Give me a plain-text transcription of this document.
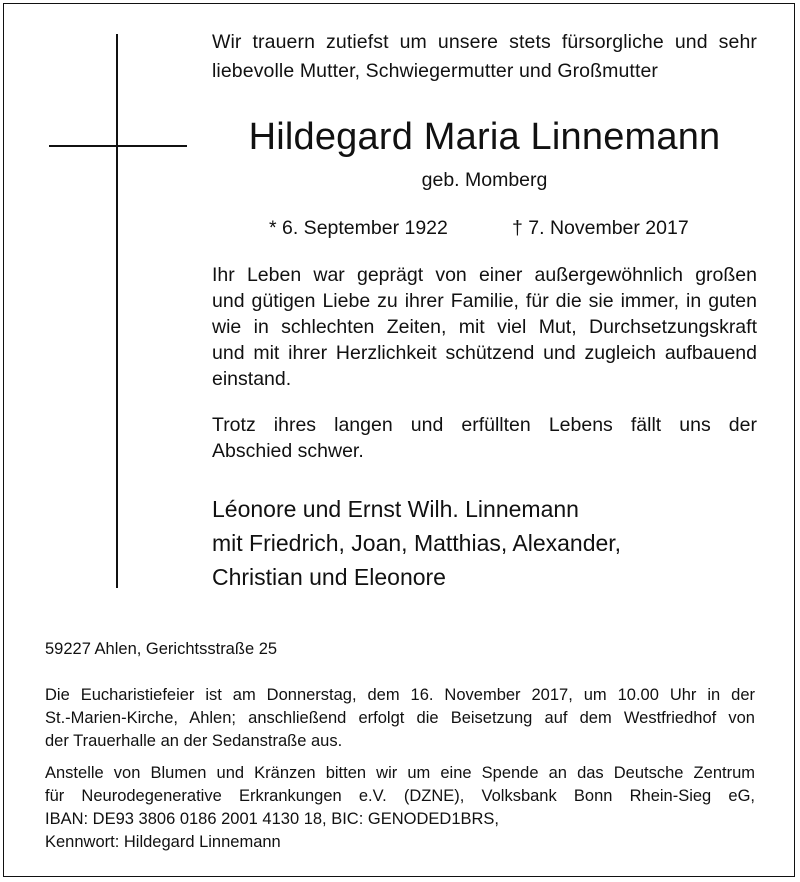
Wir trauern zutiefst um unsere stets fürsorgliche und sehr
liebevolle Mutter, Schwiegermutter und Großmutter
Hildegard Maria Linnemann
geb. Momberg
* 6. September 1922	† 7. November 2017
Ihr Leben war geprägt von einer außergewöhnlich großen
und gütigen Liebe zu ihrer Familie, für die sie immer, in guten
wie in schlechten Zeiten, mit viel Mut, Durchsetzungskraft
und mit ihrer Herzlichkeit schützend und zugleich aufbauend
einstand.
Trotz ihres langen und erfüllten Lebens fällt uns der
Abschied schwer.
Léonore und Ernst Wilh. Linnemann
mit Friedrich, Joan, Matthias, Alexander,
Christian und Eleonore
59227 Ahlen, Gerichtsstraße 25
Die Eucharistiefeier ist am Donnerstag, dem 16. November 2017, um 10.00 Uhr in der
St.-Marien-Kirche, Ahlen; anschließend erfolgt die Beisetzung auf dem Westfriedhof von
der Trauerhalle an der Sedanstraße aus.
Anstelle von Blumen und Kränzen bitten wir um eine Spende an das Deutsche Zentrum
für Neurodegenerative Erkrankungen e.V. (DZNE), Volksbank Bonn Rhein-Sieg eG,
IBAN: DE93 3806 0186 2001 4130 18, BIC: GENODED1BRS,
Kennwort: Hildegard Linnemann
